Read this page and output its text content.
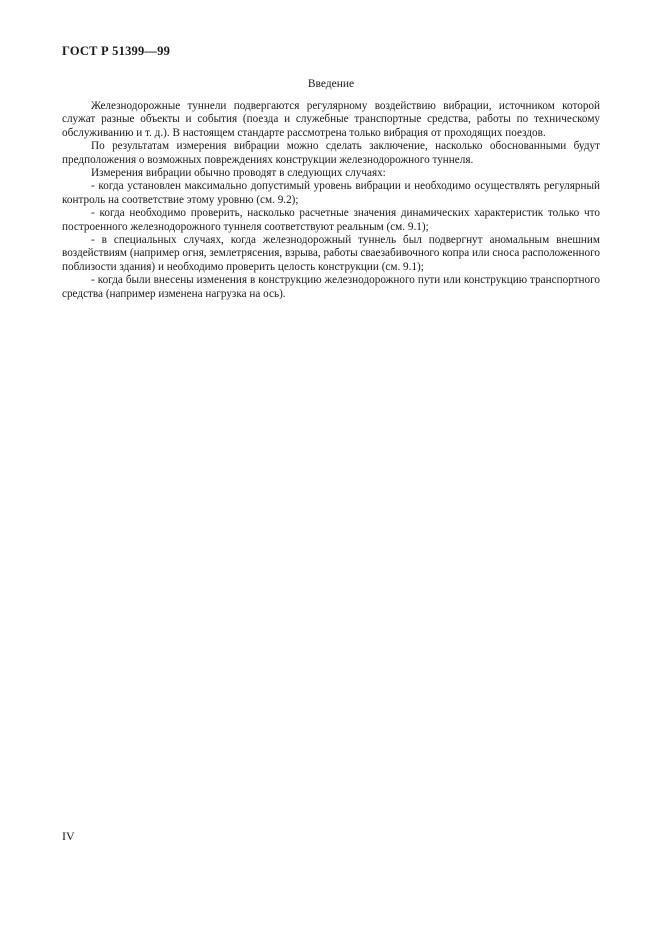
ГОСТ Р 51399—99
Введение

Железнодорожные туннели подвергаются регулярному воздействию вибрации, источником которой служат разные объекты и события (поезда и служебные транспортные средства, работы по техническому обслуживанию и т. д.). В настоящем стандарте рассмотрена только вибрация от проходящих поездов.

По результатам измерения вибрации можно сделать заключение, насколько обоснованными будут предположения о возможных повреждениях конструкции железнодорожного туннеля.

Измерения вибрации обычно проводят в следующих случаях:

- когда установлен максимально допустимый уровень вибрации и необходимо осуществлять регулярный контроль на соответствие этому уровню (см. 9.2);

- когда необходимо проверить, насколько расчетные значения динамических характеристик только что построенного железнодорожного туннеля соответствуют реальным (см. 9.1);

- в специальных случаях, когда железнодорожный туннель был подвергнут аномальным внешним воздействиям (например огня, землетрясения, взрыва, работы сваезабивочного копра или сноса расположенного поблизости здания) и необходимо проверить целость конструкции (см. 9.1);

- когда были внесены изменения в конструкцию железнодорожного пути или конструкцию транспортного средства (например изменена нагрузка на ось).

IV
